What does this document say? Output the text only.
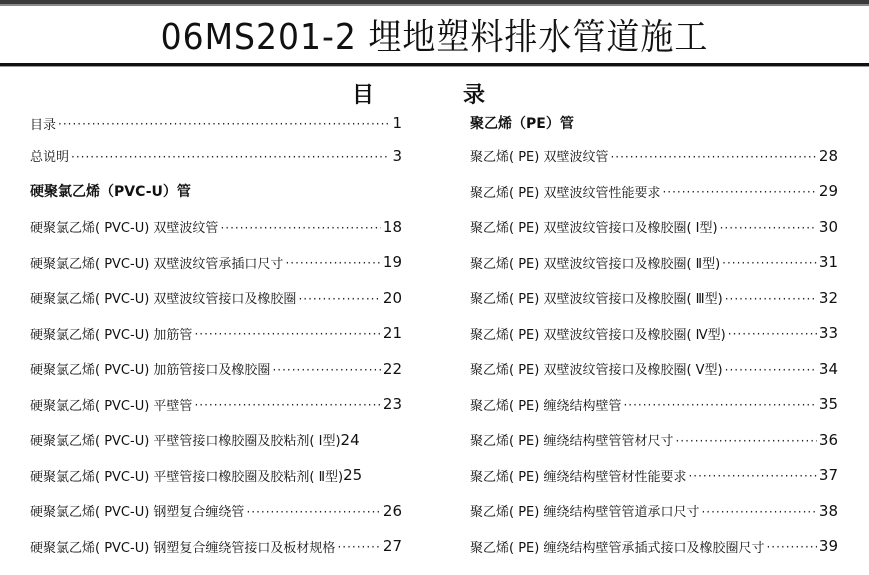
06MS201-2 埋地塑料排水管道施工
目	录
目录 ·····	1
总说明 ·····	3
硬聚氯乙烯（PVC-U）管
硬聚氯乙烯( PVC-U) 双壁波纹管 ·····	18
硬聚氯乙烯( PVC-U) 双壁波纹管承插口尺寸 ·····	19
硬聚氯乙烯( PVC-U) 双壁波纹管接口及橡胶圈 ·····	20
硬聚氯乙烯( PVC-U) 加筋管 ·····	21
硬聚氯乙烯( PVC-U) 加筋管接口及橡胶圈 ·····	22
硬聚氯乙烯( PVC-U) 平壁管 ·····	23
硬聚氯乙烯( PVC-U) 平壁管接口橡胶圈及胶粘剂( Ⅰ型) 24
硬聚氯乙烯( PVC-U) 平壁管接口橡胶圈及胶粘剂( Ⅱ型) 25
硬聚氯乙烯( PVC-U) 钢塑复合缠绕管 ·····	26
硬聚氯乙烯( PVC-U) 钢塑复合缠绕管接口及板材规格 ·····	27
聚乙烯（PE）管
聚乙烯( PE) 双壁波纹管 ·····	28
聚乙烯( PE) 双壁波纹管性能要求 ·····	29
聚乙烯( PE) 双壁波纹管接口及橡胶圈( Ⅰ型) ·····	30
聚乙烯( PE) 双壁波纹管接口及橡胶圈( Ⅱ型) ·····	31
聚乙烯( PE) 双壁波纹管接口及橡胶圈( Ⅲ型) ·····	32
聚乙烯( PE) 双壁波纹管接口及橡胶圈( Ⅳ型) ·····	33
聚乙烯( PE) 双壁波纹管接口及橡胶圈( Ⅴ型) ·····	34
聚乙烯( PE) 缠绕结构壁管 ·····	35
聚乙烯( PE) 缠绕结构壁管管材尺寸 ·····	36
聚乙烯( PE) 缠绕结构壁管材性能要求 ·····	37
聚乙烯( PE) 缠绕结构壁管管道承口尺寸 ·····	38
聚乙烯( PE) 缠绕结构壁管承插式接口及橡胶圈尺寸 ·····	39
